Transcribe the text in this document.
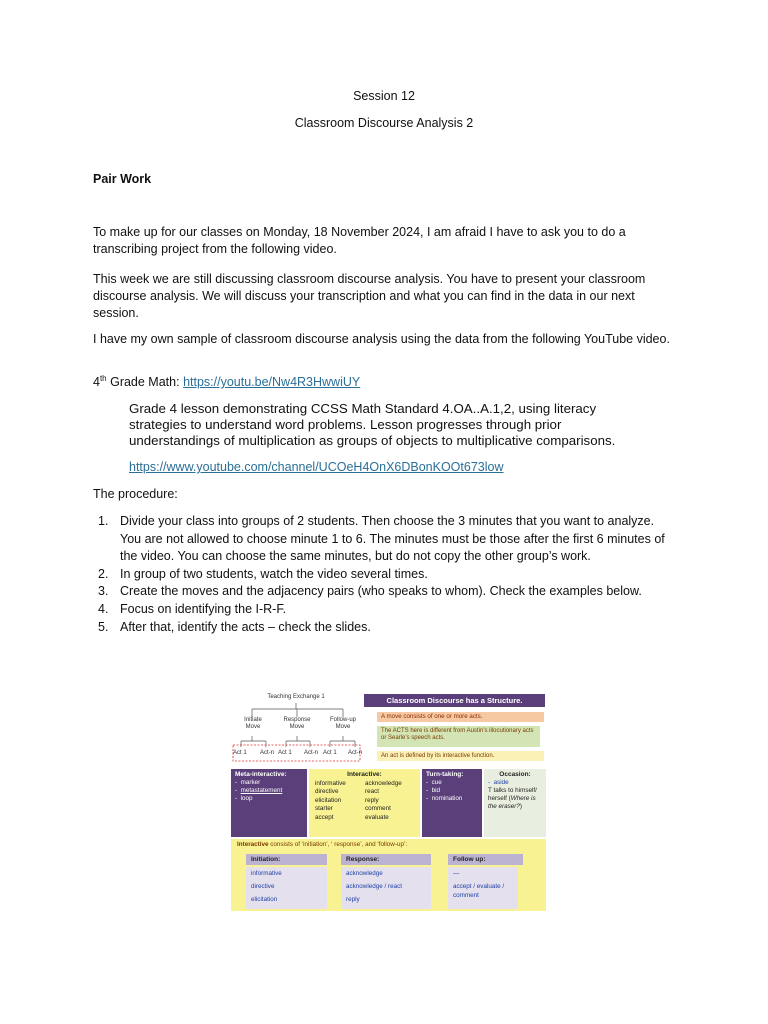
Session 12
Classroom Discourse Analysis 2
Pair Work
To make up for our classes on Monday, 18 November 2024, I am afraid I have to ask you to do a transcribing project from the following video.
This week we are still discussing classroom discourse analysis. You have to present your classroom discourse analysis. We will discuss your transcription and what you can find in the data in our next session.
I have my own sample of classroom discourse analysis using the data from the following YouTube video.
4th Grade Math: https://youtu.be/Nw4R3HwwiUY
Grade 4 lesson demonstrating CCSS Math Standard 4.OA..A.1,2, using literacy strategies to understand word problems. Lesson progresses through prior understandings of multiplication as groups of objects to multiplicative comparisons.
https://www.youtube.com/channel/UCOeH4OnX6DBonKOOt673low
The procedure:
1. Divide your class into groups of 2 students. Then choose the 3 minutes that you want to analyze. You are not allowed to choose minute 1 to 6. The minutes must be those after the first 6 minutes of the video. You can choose the same minutes, but do not copy the other group’s work.
2. In group of two students, watch the video several times.
3. Create the moves and the adjacency pairs (who speaks to whom). Check the examples below.
4. Focus on identifying the I-R-F.
5. After that, identify the acts – check the slides.
Teaching Exchange 1
Initiate Move
Response Move
Follow-up Move
Act 1 Act-n Act 1 Act-n Act 1 Act-n
Classroom Discourse has a Structure.
A move consists of one or more acts.
The ACTS here is different from Austin’s illocutionary acts or Searle’s speech acts.
An act is defined by its interactive function.
Meta-interactive:
-  marker
-  metastatement
-  loop
Interactive:
informative
directive
elicitation
starter
accept
acknowledge
react
reply
comment
evaluate
Turn-taking:
-  cue
-  bid
-  nomination
Occasion:
-  aside
T talks to himself/ herself (Where is the eraser?)
Interactive consists of ‘initiation’, ‘ response’, and ‘follow-up’:
Initiation:
informative
directive
elicitation
Response:
acknowledge
acknowledge / react
reply
Follow up:
—
accept / evaluate / comment
